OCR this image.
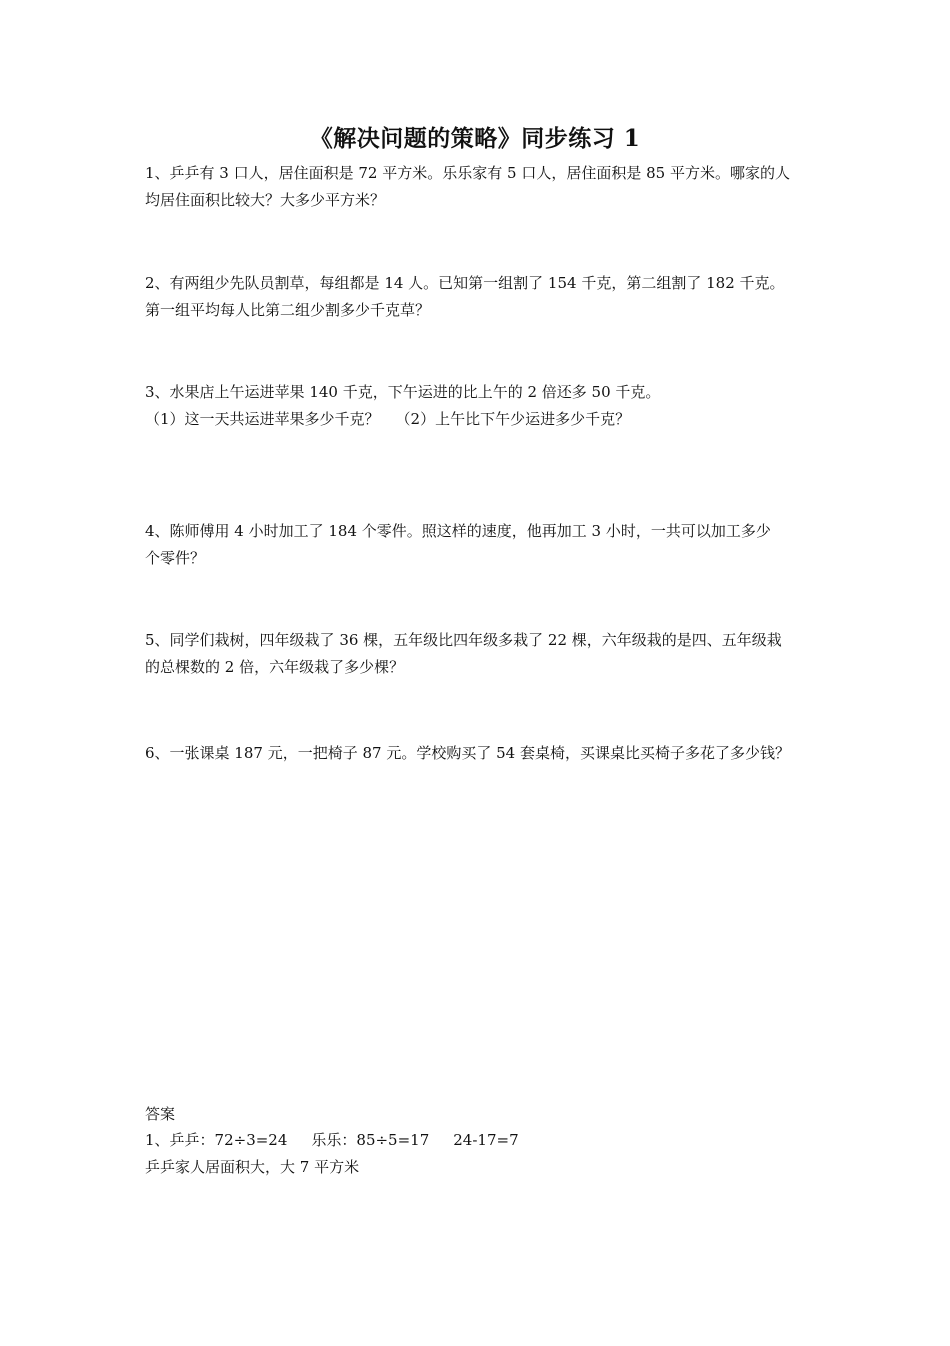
《解决问题的策略》同步练习 1
1、乒乒有 3 口人，居住面积是 72 平方米。乐乐家有 5 口人，居住面积是 85 平方米。哪家的人
均居住面积比较大？大多少平方米？
2、有两组少先队员割草，每组都是 14 人。已知第一组割了 154 千克，第二组割了 182 千克。
第一组平均每人比第二组少割多少千克草？
3、水果店上午运进苹果 140 千克，下午运进的比上午的 2 倍还多 50 千克。
（1）这一天共运进苹果多少千克？ （2）上午比下午少运进多少千克？
4、陈师傅用 4 小时加工了 184 个零件。照这样的速度，他再加工 3 小时，一共可以加工多少
个零件？
5、同学们栽树，四年级栽了 36 棵，五年级比四年级多栽了 22 棵，六年级栽的是四、五年级栽
的总棵数的 2 倍，六年级栽了多少棵？
6、一张课桌 187 元，一把椅子 87 元。学校购买了 54 套桌椅，买课桌比买椅子多花了多少钱？
答案
1、乒乒：72÷3=24 乐乐：85÷5=17 24-17=7
乒乒家人居面积大，大 7 平方米
